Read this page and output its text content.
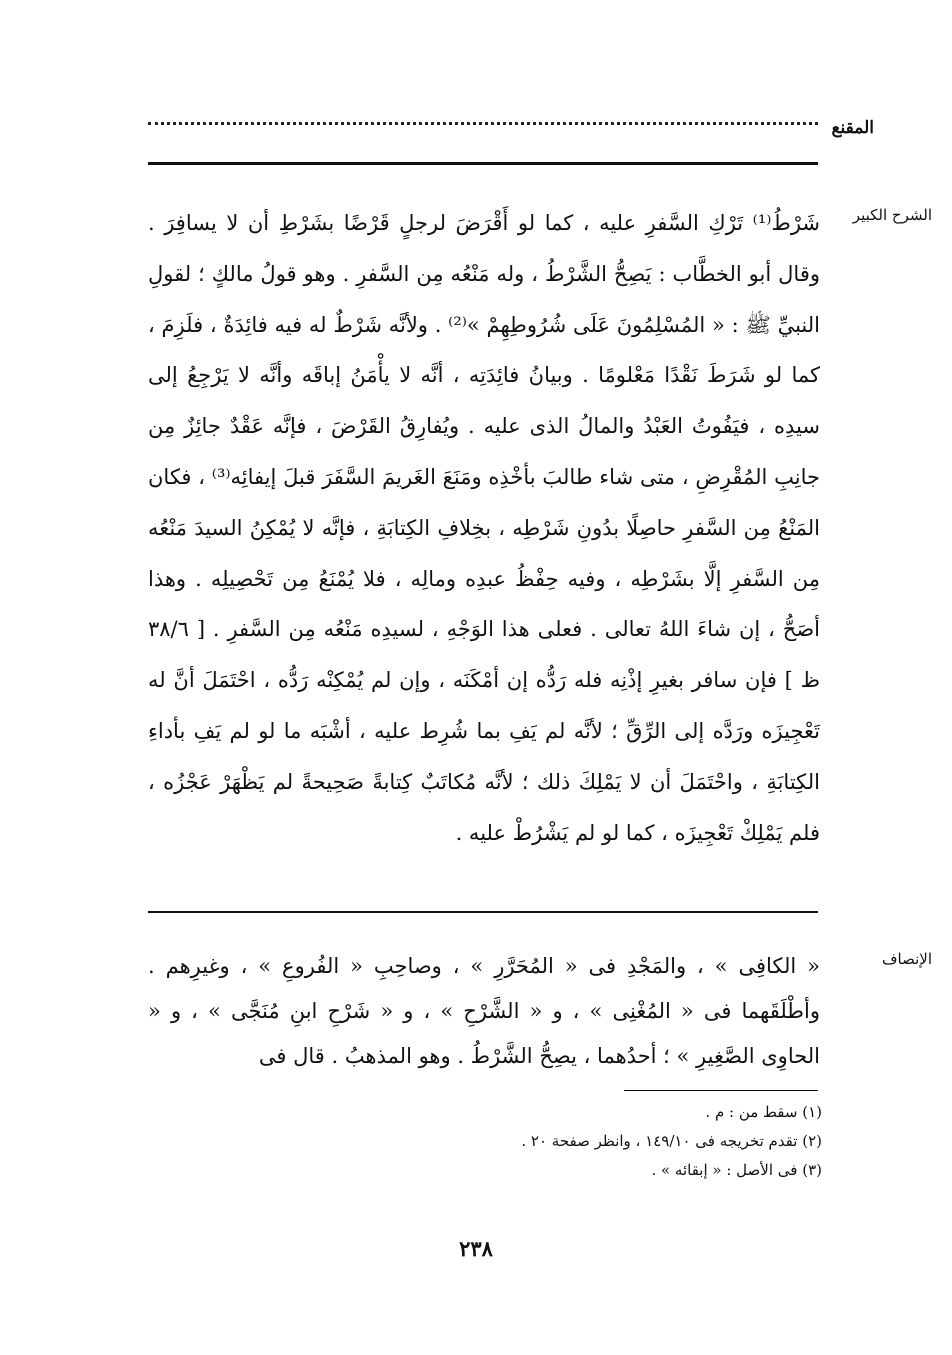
المقنع
الشرح الكبير

شَرْطُ⁽¹⁾ تَرْكِ السَّفرِ عليه ، كما لو أَقْرَضَ لرجلٍ قَرْضًا بشَرْطِ أن لا يسافِرَ . وقال أبو الخطَّاب : يَصِحُّ الشَّرْطُ ، وله مَنْعُه مِن السَّفرِ . وهو قولُ مالكٍ ؛ لقولِ النبيِّ ﷺ : « المُسْلِمُونَ عَلَى شُرُوطِهِمْ »⁽²⁾ . ولأنَّه شَرْطٌ له فيه فائِدَةٌ ، فلَزِمَ ، كما لو شَرَطَ نَقْدًا مَعْلومًا . وبيانُ فائِدَتِه ، أنَّه لا يأْمَنُ إباقَه وأنَّه لا يَرْجِعُ إلى سيدِه ، فيَفُوتُ العَبْدُ والمالُ الذى عليه . ويُفارِقُ القَرْضَ ، فإنَّه عَقْدٌ جائِزٌ مِن جانِبِ المُقْرِضِ ، متى شاء طالبَ بأخْذِه ومَنَعَ الغَريمَ السَّفَرَ قبلَ إيفائِه⁽³⁾ ، فكان المَنْعُ مِن السَّفرِ حاصِلًا بدُونِ شَرْطِه ، بخِلافِ الكِتابَةِ ، فإنَّه لا يُمْكِنُ السيدَ مَنْعُه مِن السَّفرِ إلَّا بشَرْطِه ، وفيه حِفْظُ عبدِه ومالِه ، فلا يُمْنَعُ مِن تَحْصِيلِه . وهذا أصَحُّ ، إن شاءَ اللهُ تعالى . فعلى هذا الوَجْهِ ، لسيدِه مَنْعُه مِن السَّفرِ . [ ٣٨/٦ ظ ] فإن سافر بغيرِ إذْنِه فله رَدُّه إن أمْكَنَه ، وإن لم يُمْكِنْه رَدُّه ، احْتَمَلَ أنَّ له تَعْجِيزَه ورَدَّه إلى الرِّقِّ ؛ لأنَّه لم يَفِ بما شُرِط عليه ، أشْبَه ما لو لم يَفِ بأداءِ الكِتابَةِ ، واحْتَمَلَ أن لا يَمْلِكَ ذلك ؛ لأنَّه مُكاتَبٌ كِتابةً صَحِيحةً لم يَظْهَرْ عَجْزُه ، فلم يَمْلِكْ تَعْجِيزَه ، كما لو لم يَشْرُطْ عليه .

الإنصاف

« الكافِى » ، والمَجْدِ فى « المُحَرَّرِ » ، وصاحِبِ « الفُروعِ » ، وغيرِهم . وأطْلَقَهما فى « المُغْنِى » ، و « الشَّرْحِ » ، و « شَرْحِ ابنِ مُنَجَّى » ، و « الحاوِى الصَّغِيرِ » ؛ أحدُهما ، يصِحُّ الشَّرْطُ . وهو المذهبُ . قال فى

(١) سقط من : م .
(٢) تقدم تخريجه فى ١٤٩/١٠ ، وانظر صفحة ٢٠ .
(٣) فى الأصل : « إبقائه » .
٢٣٨
